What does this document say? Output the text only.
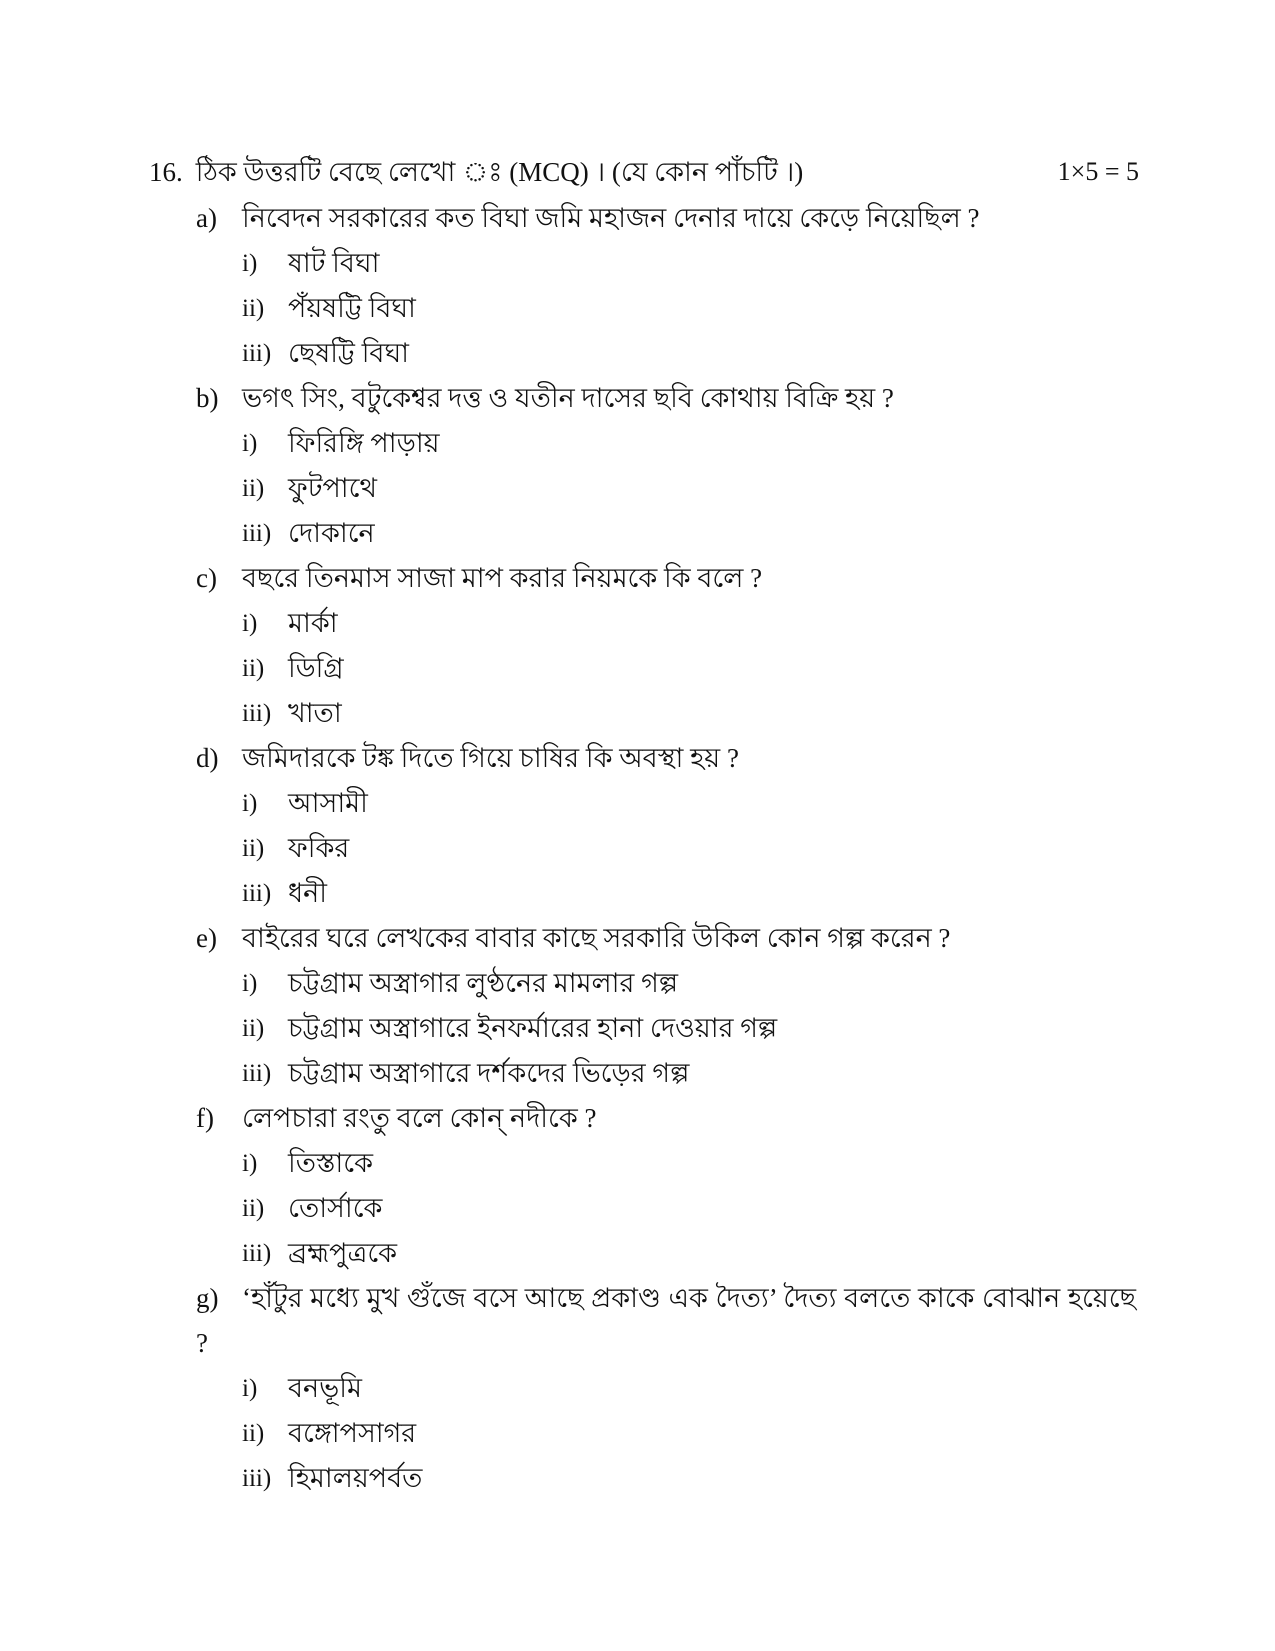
16. ঠিক উত্তরটি বেছে লেখো ঃ (MCQ) । (যে কোন পাঁচটি ।)	1×5 = 5
a) নিবেদন সরকারের কত বিঘা জমি মহাজন দেনার দায়ে কেড়ে নিয়েছিল ?
i) ষাট বিঘা
ii) পঁয়ষট্টি বিঘা
iii) ছেষট্টি বিঘা
b) ভগৎ সিং, বটুকেশ্বর দত্ত ও যতীন দাসের ছবি কোথায় বিক্রি হয় ?
i) ফিরিঙ্গি পাড়ায়
ii) ফুটপাথে
iii) দোকানে
c) বছরে তিনমাস সাজা মাপ করার নিয়মকে কি বলে ?
i) মার্কা
ii) ডিগ্রি
iii) খাতা
d) জমিদারকে টঙ্ক দিতে গিয়ে চাষির কি অবস্থা হয় ?
i) আসামী
ii) ফকির
iii) ধনী
e) বাইরের ঘরে লেখকের বাবার কাছে সরকারি উকিল কোন গল্প করেন ?
i) চট্টগ্রাম অস্ত্রাগার লুণ্ঠনের মামলার গল্প
ii) চট্টগ্রাম অস্ত্রাগারে ইনফর্মারের হানা দেওয়ার গল্প
iii) চট্টগ্রাম অস্ত্রাগারে দর্শকদের ভিড়ের গল্প
f) লেপচারা রংতু বলে কোন্ নদীকে ?
i) তিস্তাকে
ii) তোর্সাকে
iii) ব্রহ্মপুত্রকে
g) ‘হাঁটুর মধ্যে মুখ গুঁজে বসে আছে প্রকাণ্ড এক দৈত্য’ দৈত্য বলতে কাকে বোঝান হয়েছে ?
i) বনভূমি
ii) বঙ্গোপসাগর
iii) হিমালয়পর্বত
